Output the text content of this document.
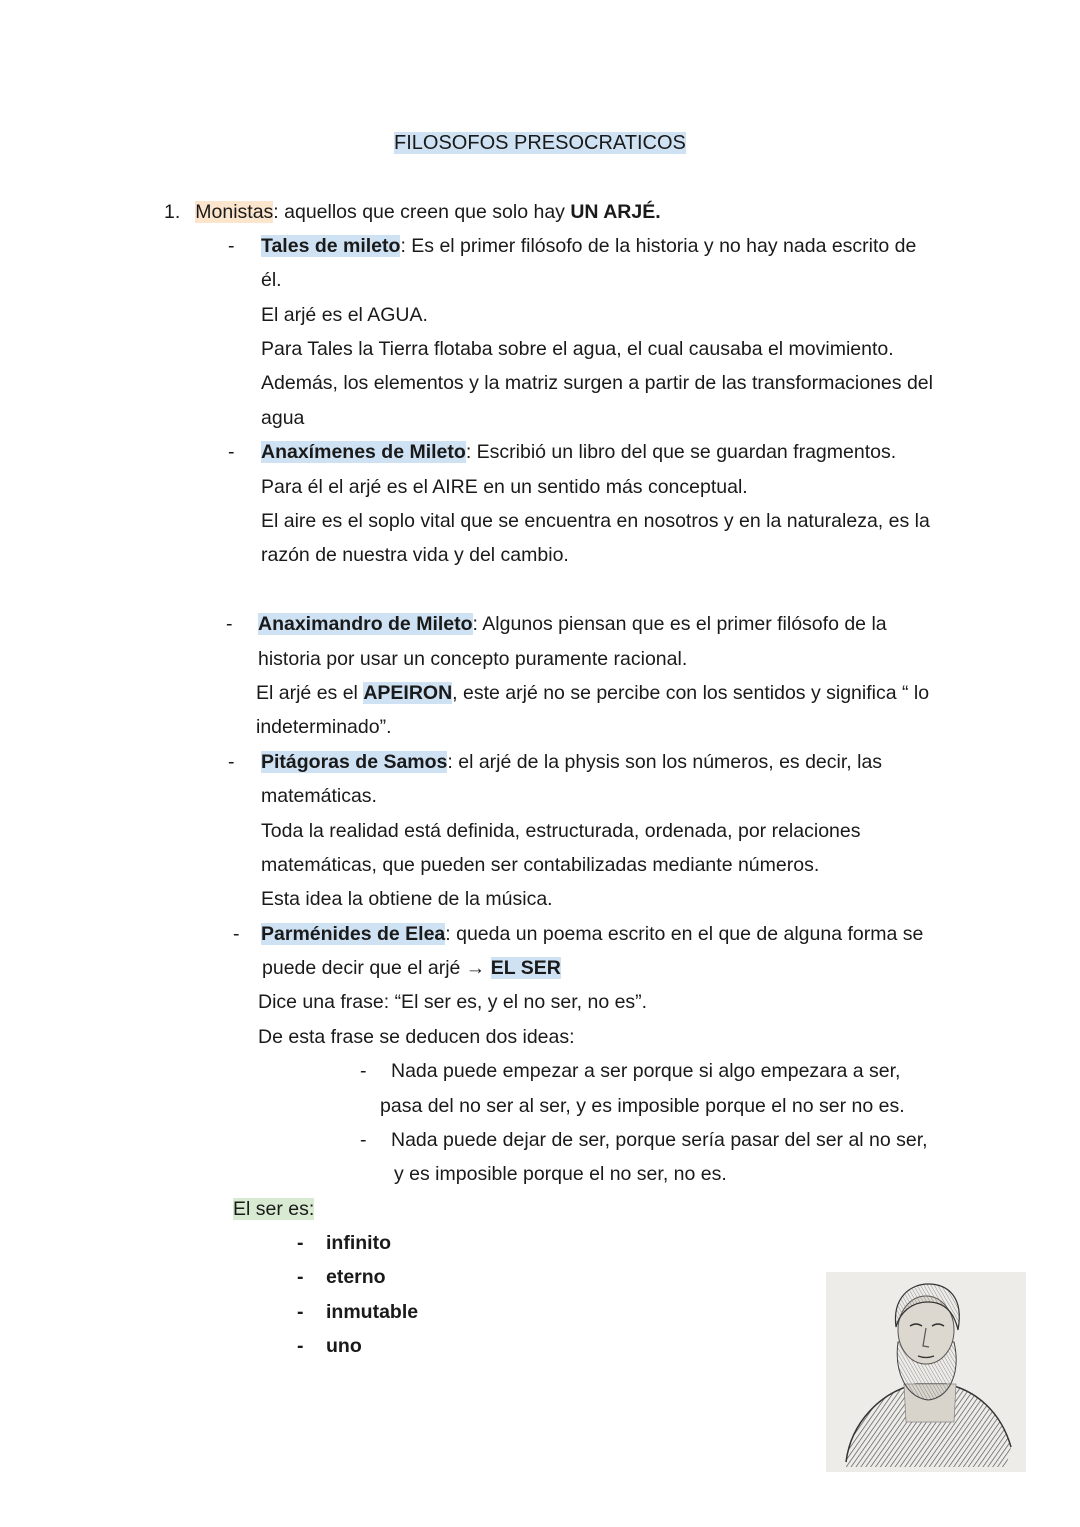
FILOSOFOS PRESOCRATICOS
1. Monistas: aquellos que creen que solo hay UN ARJÉ.
- Tales de mileto: Es el primer filósofo de la historia y no hay nada escrito de
él.
El arjé es el AGUA.
Para Tales la Tierra flotaba sobre el agua, el cual causaba el movimiento.
Además, los elementos y la matriz surgen a partir de las transformaciones del
agua
- Anaxímenes de Mileto: Escribió un libro del que se guardan fragmentos.
Para él el arjé es el AIRE en un sentido más conceptual.
El aire es el soplo vital que se encuentra en nosotros y en la naturaleza, es la
razón de nuestra vida y del cambio.
- Anaximandro de Mileto: Algunos piensan que es el primer filósofo de la
historia por usar un concepto puramente racional.
El arjé es el APEIRON, este arjé no se percibe con los sentidos y significa “ lo
indeterminado”.
- Pitágoras de Samos: el arjé de la physis son los números, es decir, las
matemáticas.
Toda la realidad está definida, estructurada, ordenada, por relaciones
matemáticas, que pueden ser contabilizadas mediante números.
Esta idea la obtiene de la música.
- Parménides de Elea: queda un poema escrito en el que de alguna forma se
puede decir que el arjé → EL SER
Dice una frase: “El ser es, y el no ser, no es”.
De esta frase se deducen dos ideas:
- Nada puede empezar a ser porque si algo empezara a ser,
pasa del no ser al ser, y es imposible porque el no ser no es.
- Nada puede dejar de ser, porque sería pasar del ser al no ser,
y es imposible porque el no ser, no es.
El ser es:
- infinito
- eterno
- inmutable
- uno
